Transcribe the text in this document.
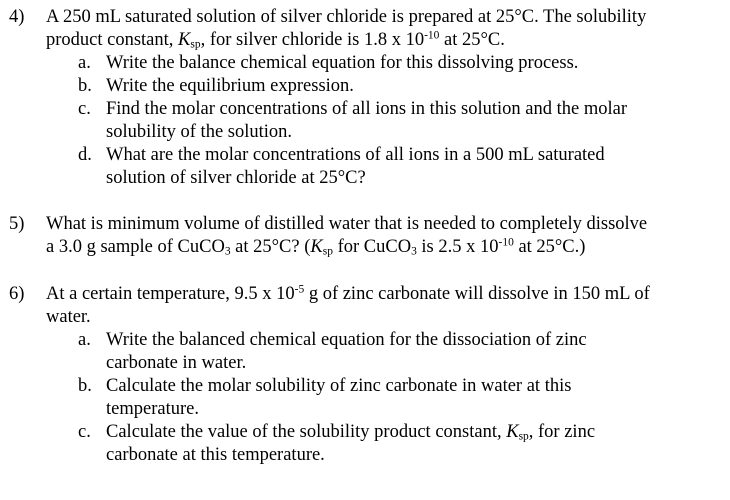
4) A 250 mL saturated solution of silver chloride is prepared at 25°C. The solubility
product constant, $K_{sp}$, for silver chloride is 1.8 x $10^{-10}$ at 25°C.
a. Write the balance chemical equation for this dissolving process.
b. Write the equilibrium expression.
c. Find the molar concentrations of all ions in this solution and the molar
solubility of the solution.
d. What are the molar concentrations of all ions in a 500 mL saturated
solution of silver chloride at 25°C?
5) What is minimum volume of distilled water that is needed to completely dissolve
a 3.0 g sample of CuCO$_3$ at 25°C? ($K_{sp}$ for CuCO$_3$ is 2.5 x $10^{-10}$ at 25°C.)
6) At a certain temperature, 9.5 x $10^{-5}$ g of zinc carbonate will dissolve in 150 mL of
water.
a. Write the balanced chemical equation for the dissociation of zinc
carbonate in water.
b. Calculate the molar solubility of zinc carbonate in water at this
temperature.
c. Calculate the value of the solubility product constant, $K_{sp}$, for zinc
carbonate at this temperature.
